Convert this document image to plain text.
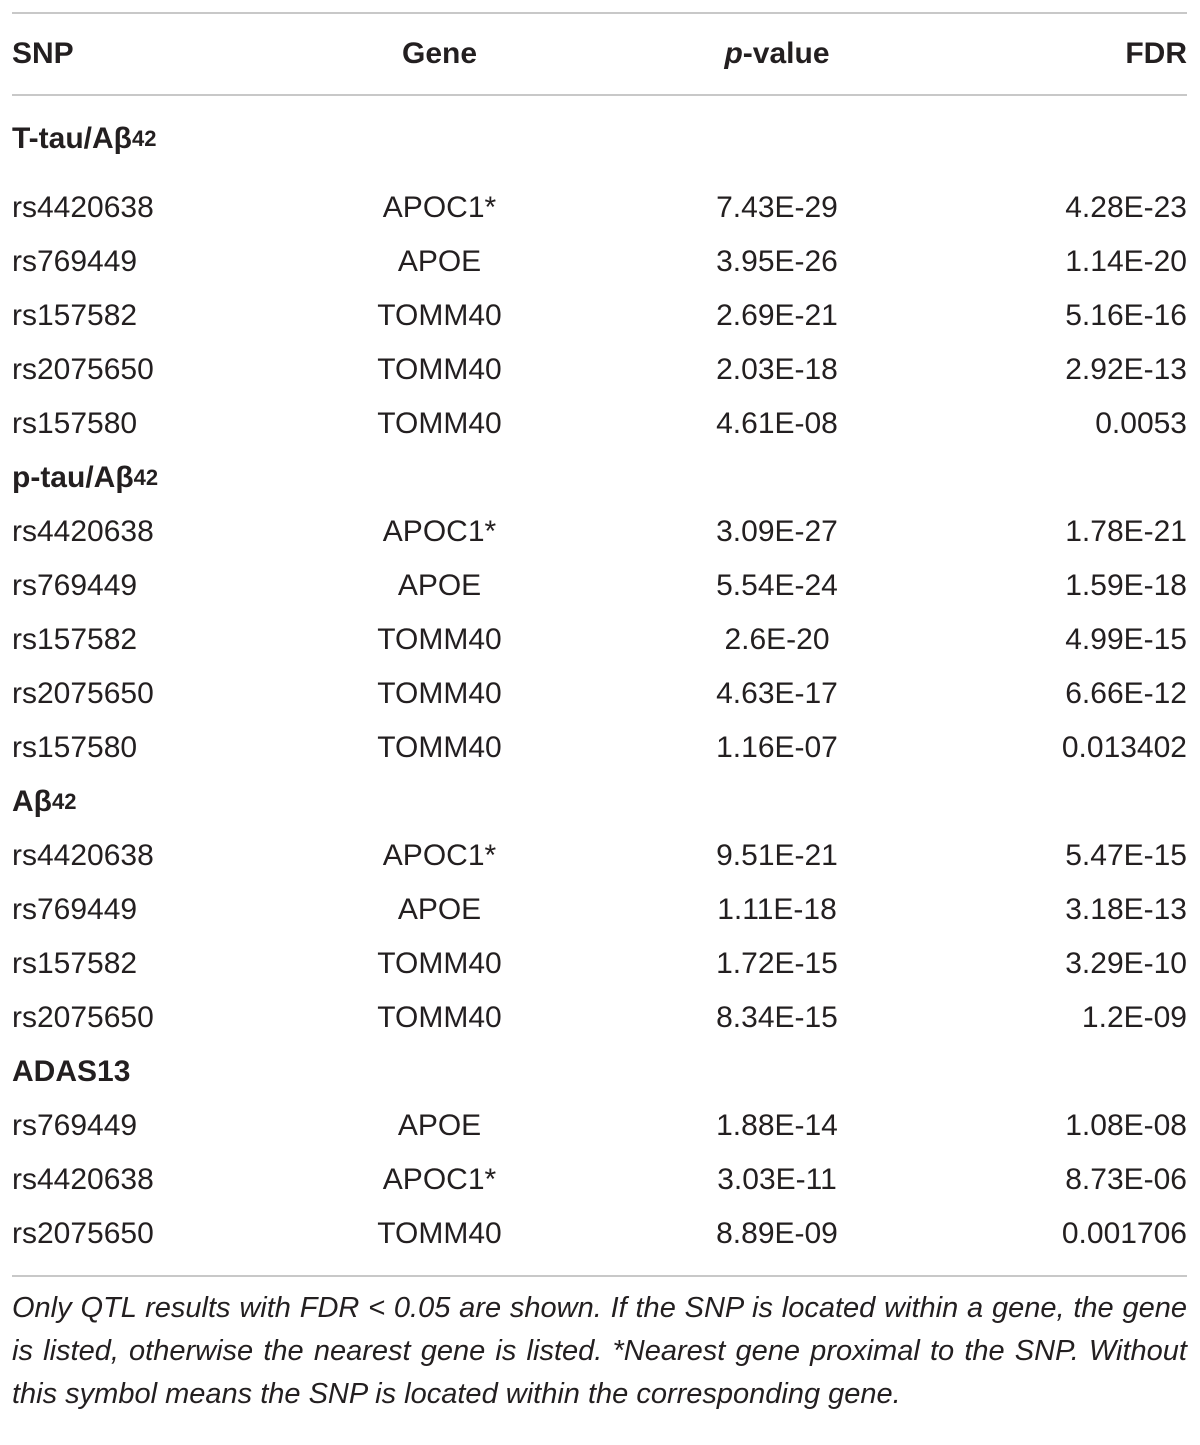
SNP	Gene	p-value	FDR
T-tau/Aβ 42
rs4420638	APOC1*	7.43E-29	4.28E-23
rs769449	APOE	3.95E-26	1.14E-20
rs157582	TOMM40	2.69E-21	5.16E-16
rs2075650	TOMM40	2.03E-18	2.92E-13
rs157580	TOMM40	4.61E-08	0.0053
p-tau/Aβ 42
rs4420638	APOC1*	3.09E-27	1.78E-21
rs769449	APOE	5.54E-24	1.59E-18
rs157582	TOMM40	2.6E-20	4.99E-15
rs2075650	TOMM40	4.63E-17	6.66E-12
rs157580	TOMM40	1.16E-07	0.013402
Aβ 42
rs4420638	APOC1*	9.51E-21	5.47E-15
rs769449	APOE	1.11E-18	3.18E-13
rs157582	TOMM40	1.72E-15	3.29E-10
rs2075650	TOMM40	8.34E-15	1.2E-09
ADAS13
rs769449	APOE	1.88E-14	1.08E-08
rs4420638	APOC1*	3.03E-11	8.73E-06
rs2075650	TOMM40	8.89E-09	0.001706
Only QTL results with FDR < 0.05 are shown. If the SNP is located within a gene, the gene is listed, otherwise the nearest gene is listed. *Nearest gene proximal to the SNP. Without this symbol means the SNP is located within the corresponding gene.
